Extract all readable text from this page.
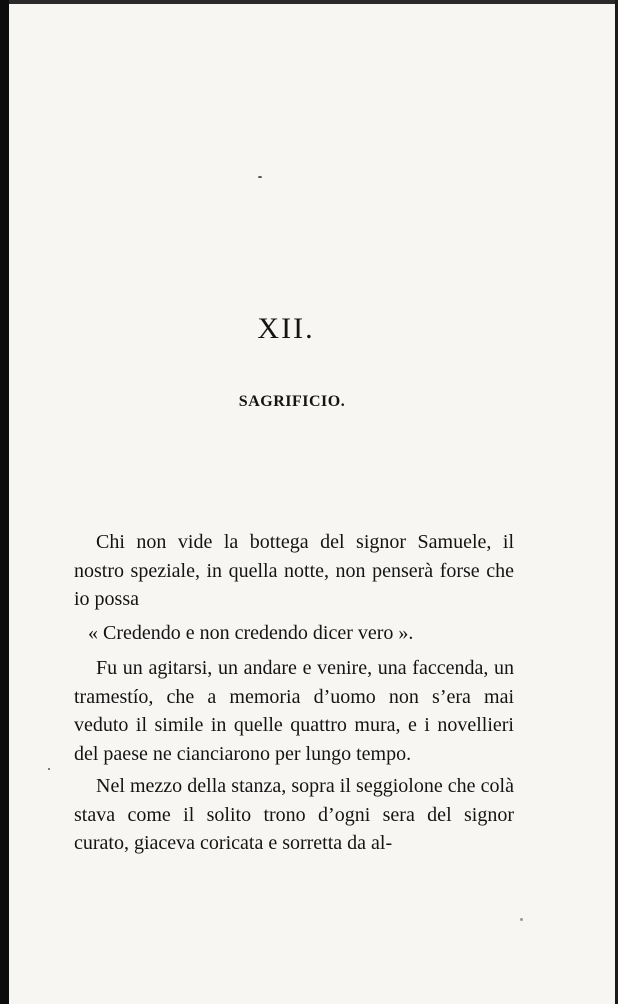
XII.
SAGRIFICIO.

Chi non vide la bottega del signor Samuele, il nostro speziale, in quella notte, non penserà forse che io possa

« Credendo e non credendo dicer vero ».

Fu un agitarsi, un andare e venire, una faccenda, un tramestío, che a memoria d’uomo non s’era mai veduto il simile in quelle quattro mura, e i novellieri del paese ne cianciarono per lungo tempo.

Nel mezzo della stanza, sopra il seggiolone che colà stava come il solito trono d’ogni sera del signor curato, giaceva coricata e sorretta da al-
